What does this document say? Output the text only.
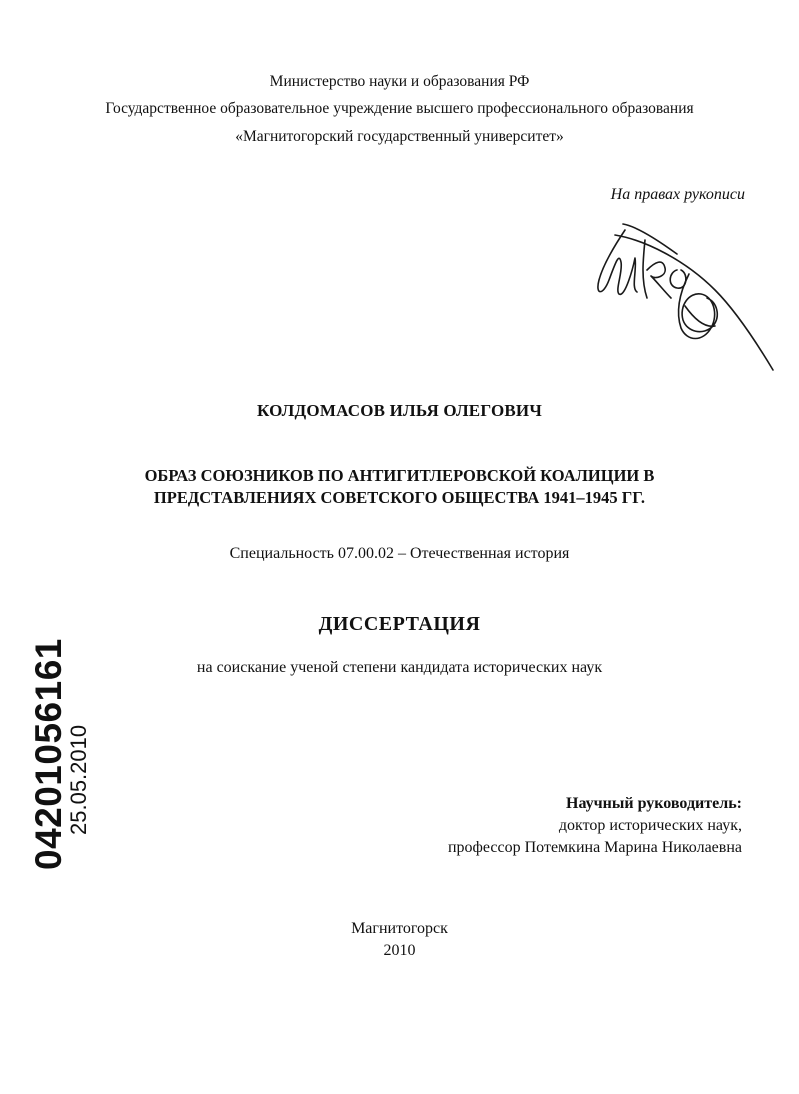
Министерство науки и образования РФ
Государственное образовательное учреждение высшего профессионального образования
«Магнитогорский государственный университет»
На правах рукописи
КОЛДОМАСОВ ИЛЬЯ ОЛЕГОВИЧ
ОБРАЗ СОЮЗНИКОВ ПО АНТИГИТЛЕРОВСКОЙ КОАЛИЦИИ В
ПРЕДСТАВЛЕНИЯХ СОВЕТСКОГО ОБЩЕСТВА 1941–1945 ГГ.
Специальность 07.00.02 – Отечественная история
ДИССЕРТАЦИЯ
на соискание ученой степени кандидата исторических наук
Научный руководитель:
доктор исторических наук,
профессор Потемкина Марина Николаевна
Магнитогорск
2010
04201056161
25.05.2010
